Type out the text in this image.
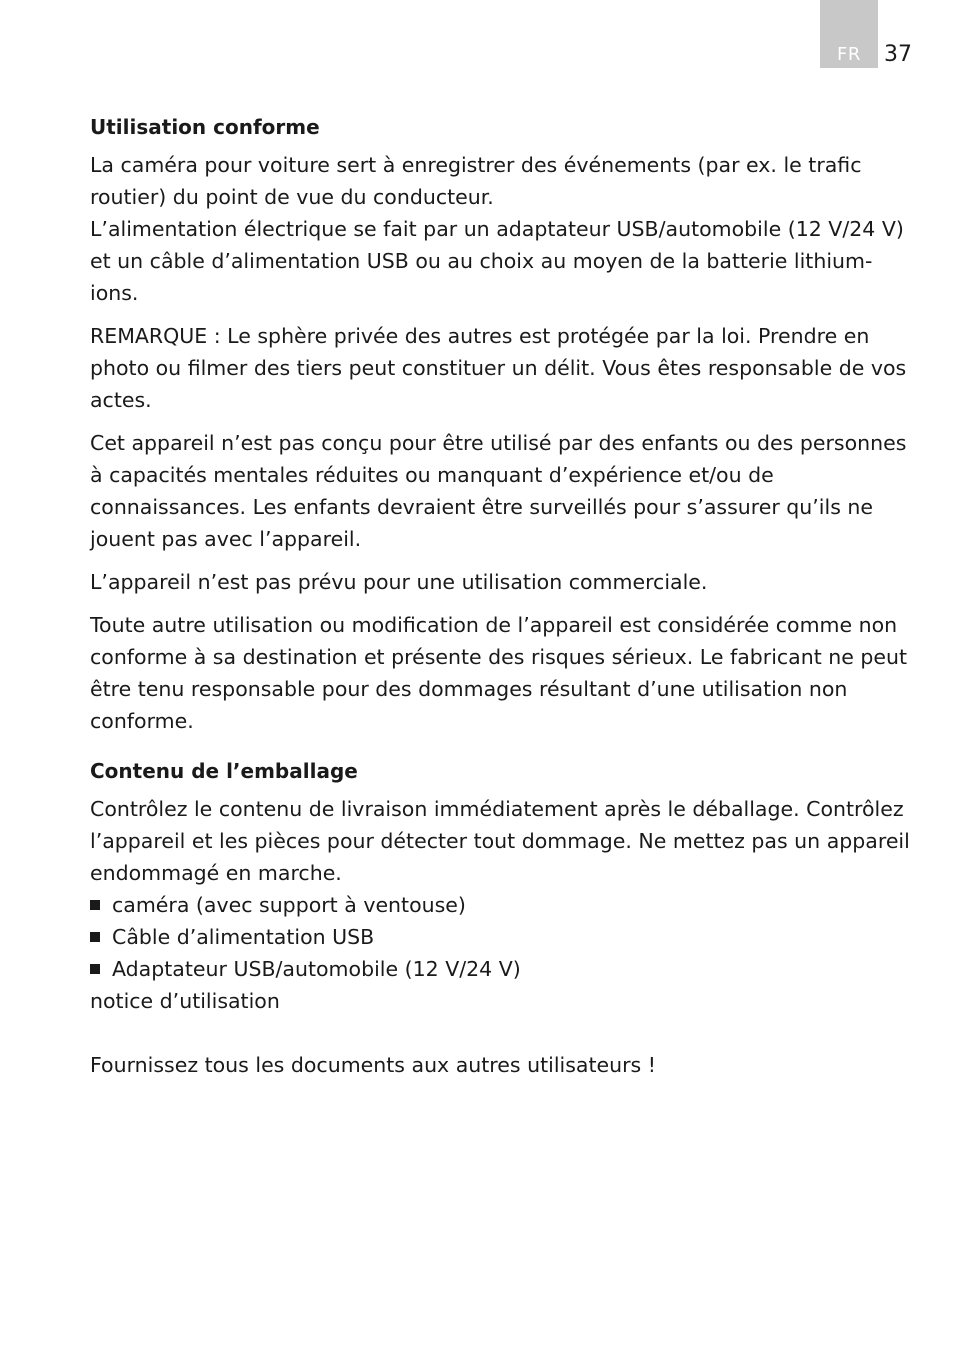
FR 37
Utilisation conforme

La caméra pour voiture sert à enregistrer des événements (par ex. le trafic routier) du point de vue du conducteur.

L’alimentation électrique se fait par un adaptateur USB/automobile (12 V/24 V) et un câble d’alimentation USB ou au choix au moyen de la batterie lithium-ions.

REMARQUE : Le sphère privée des autres est protégée par la loi. Prendre en photo ou filmer des tiers peut constituer un délit. Vous êtes responsable de vos actes.

Cet appareil n’est pas conçu pour être utilisé par des enfants ou des personnes à capacités mentales réduites ou manquant d’expérience et/ou de connaissances. Les enfants devraient être surveillés pour s’assurer qu’ils ne jouent pas avec l’appareil.

L’appareil n’est pas prévu pour une utilisation commerciale.

Toute autre utilisation ou modification de l’appareil est considérée comme non conforme à sa destination et présente des risques sérieux. Le fabricant ne peut être tenu responsable pour des dommages résultant d’une utilisation non conforme.

Contenu de l’emballage

Contrôlez le contenu de livraison immédiatement après le déballage. Contrôlez l’appareil et les pièces pour détecter tout dommage. Ne mettez pas un appareil endommagé en marche.

caméra (avec support à ventouse)
Câble d’alimentation USB
Adaptateur USB/automobile (12 V/24 V)

notice d’utilisation

Fournissez tous les documents aux autres utilisateurs !
